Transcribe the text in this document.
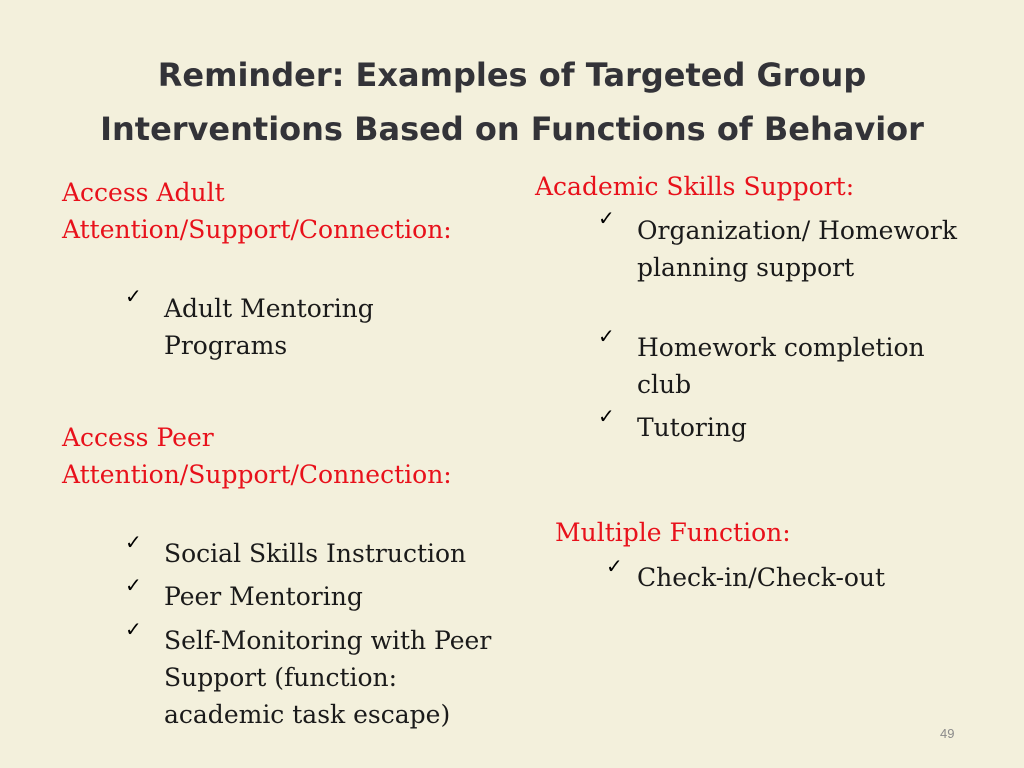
Reminder: Examples of Targeted Group
Interventions Based on Functions of Behavior

Access Adult Attention/Support/Connection:

✓ Adult Mentoring Programs

Access Peer Attention/Support/Connection:

✓ Social Skills Instruction
✓ Peer Mentoring
✓ Self-Monitoring with Peer Support (function: academic task escape)

Academic Skills Support:

✓ Organization/ Homework planning support
✓ Homework completion club
✓ Tutoring

Multiple Function:

✓ Check-in/Check-out
49
